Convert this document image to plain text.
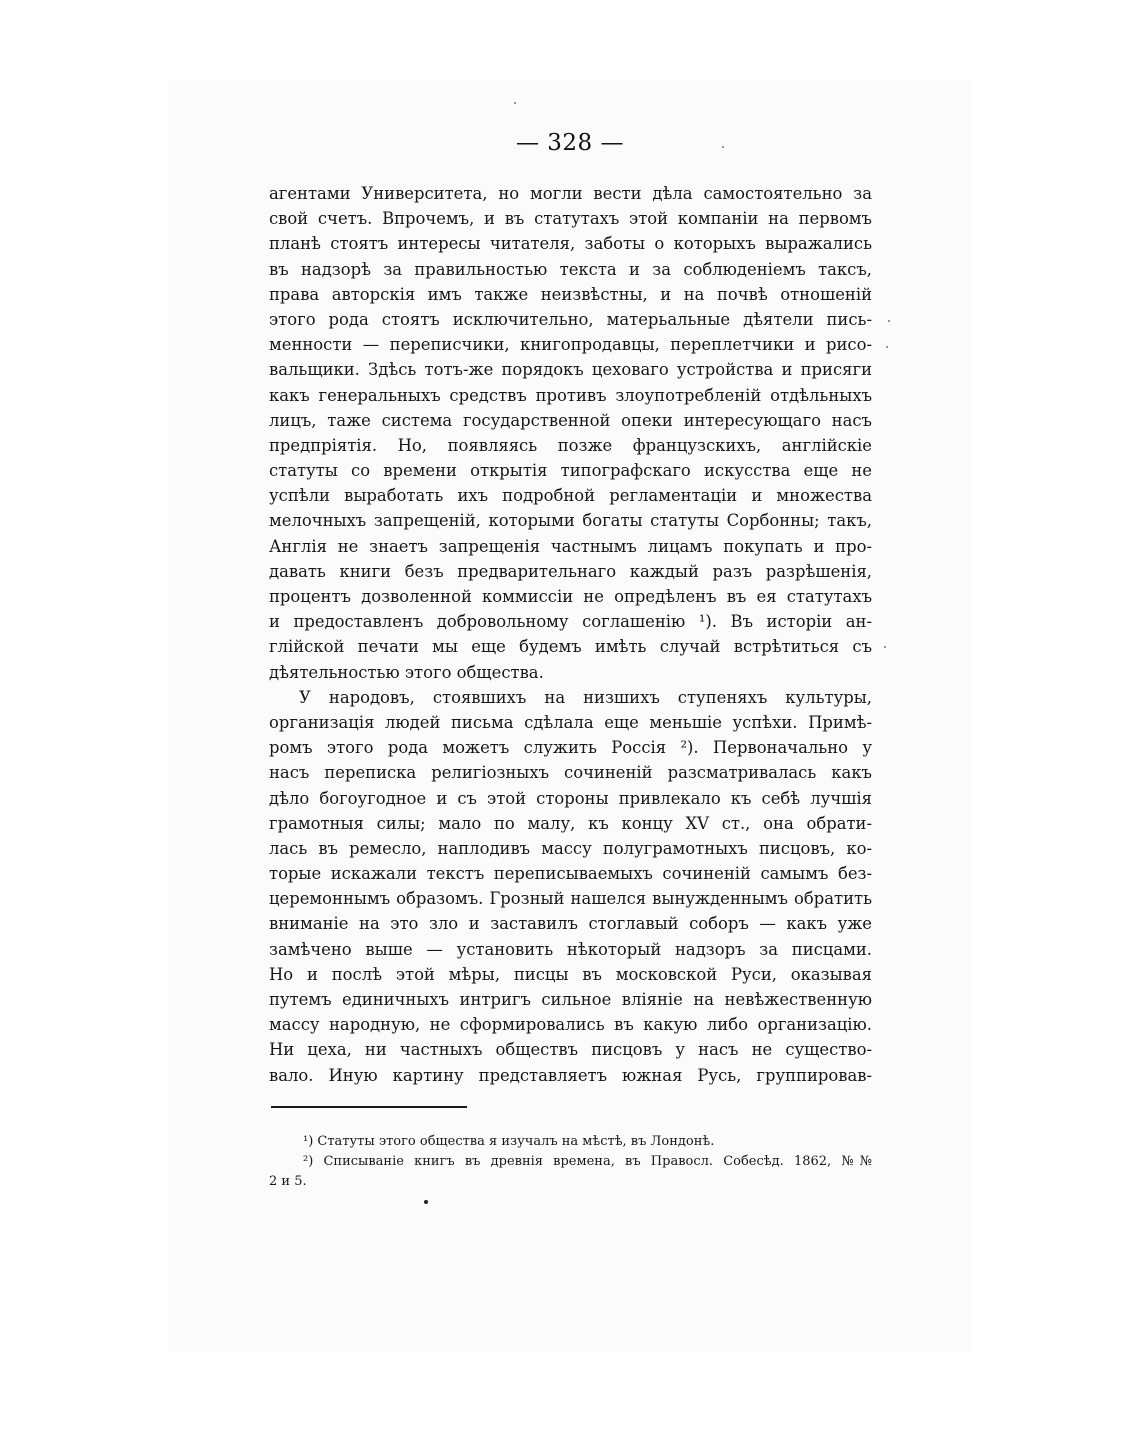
— 328 —
агентами Университета, но могли вести дѣла самостоятельно за
свой счетъ. Впрочемъ, и въ статутахъ этой компаніи на первомъ
планѣ стоятъ интересы читателя, заботы о которыхъ выражались
въ надзорѣ за правильностью текста и за соблюденіемъ таксъ,
права авторскія имъ также неизвѣстны, и на почвѣ отношеній
этого рода стоятъ исключительно, матерьальные дѣятели пись-
менности — переписчики, книгопродавцы, переплетчики и рисо-
вальщики. Здѣсь тотъ-же порядокъ цеховаго устройства и присяги
какъ генеральныхъ средствъ противъ злоупотребленій отдѣльныхъ
лицъ, таже система государственной опеки интересующаго насъ
предпріятія. Но, появляясь позже французскихъ, англійскіе
статуты со времени открытія типографскаго искусства еще не
успѣли выработать ихъ подробной регламентаціи и множества
мелочныхъ запрещеній, которыми богаты статуты Сорбонны; такъ,
Англія не знаетъ запрещенія частнымъ лицамъ покупать и про-
давать книги безъ предварительнаго каждый разъ разрѣшенія,
процентъ дозволенной коммиссіи не опредѣленъ въ ея статутахъ
и предоставленъ добровольному соглашенію ¹). Въ исторіи ан-
глійской печати мы еще будемъ имѣть случай встрѣтиться съ
дѣятельностью этого общества.
У народовъ, стоявшихъ на низшихъ ступеняхъ культуры,
организація людей письма сдѣлала еще меньшіе успѣхи. Примѣ-
ромъ этого рода можетъ служить Россія ²). Первоначально у
насъ переписка религіозныхъ сочиненій разсматривалась какъ
дѣло богоугодное и съ этой стороны привлекало къ себѣ лучшія
грамотныя силы; мало по малу, къ концу XV ст., она обрати-
лась въ ремесло, наплодивъ массу полуграмотныхъ писцовъ, ко-
торые искажали текстъ переписываемыхъ сочиненій самымъ без-
церемоннымъ образомъ. Грозный нашелся вынужденнымъ обратить
вниманіе на это зло и заставилъ стоглавый соборъ — какъ уже
замѣчено выше — установить нѣкоторый надзоръ за писцами.
Но и послѣ этой мѣры, писцы въ московской Руси, оказывая
путемъ единичныхъ интригъ сильное вліяніе на невѣжественную
массу народную, не сформировались въ какую либо организацію.
Ни цеха, ни частныхъ обществъ писцовъ у насъ не существо-
вало. Иную картину представляетъ южная Русь, группировав-
¹) Статуты этого общества я изучалъ на мѣстѣ, въ Лондонѣ.
²) Списываніе книгъ въ древнія времена, въ Правосл. Собесѣд. 1862, №№
2 и 5.
